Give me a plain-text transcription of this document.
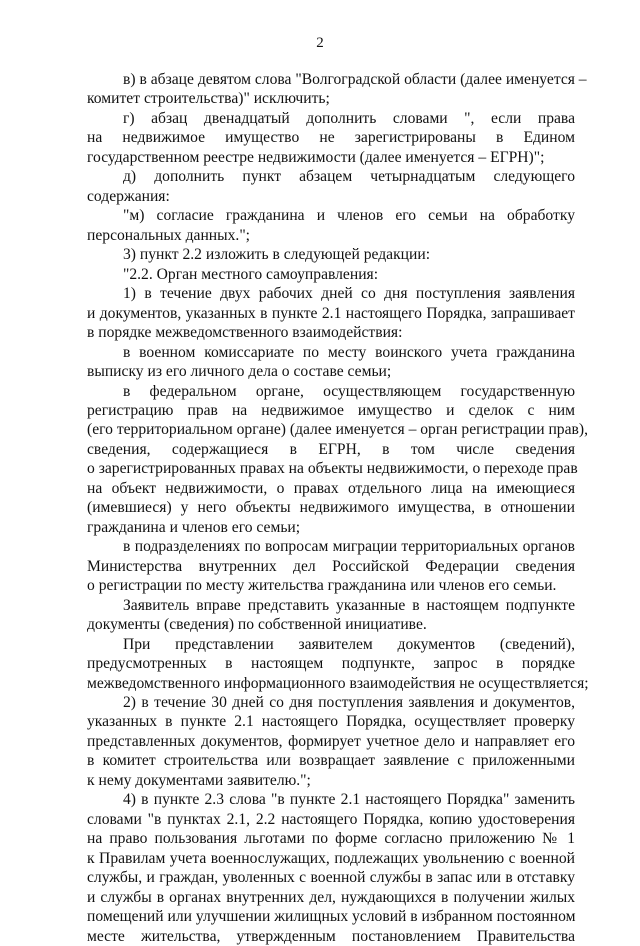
2
в) в абзаце девятом слова "Волгоградской области (далее именуется –
комитет строительства)" исключить;
г) абзац двенадцатый дополнить словами ", если права
на недвижимое имущество не зарегистрированы в Едином
государственном реестре недвижимости (далее именуется – ЕГРН)";
д) дополнить пункт абзацем четырнадцатым следующего
содержания:
"м) согласие гражданина и членов его семьи на обработку
персональных данных.";
3) пункт 2.2 изложить в следующей редакции:
"2.2. Орган местного самоуправления:
1) в течение двух рабочих дней со дня поступления заявления
и документов, указанных в пункте 2.1 настоящего Порядка, запрашивает
в порядке межведомственного взаимодействия:
в военном комиссариате по месту воинского учета гражданина
выписку из его личного дела о составе семьи;
в федеральном органе, осуществляющем государственную
регистрацию прав на недвижимое имущество и сделок с ним
(его территориальном органе) (далее именуется – орган регистрации прав),
сведения, содержащиеся в ЕГРН, в том числе сведения
о зарегистрированных правах на объекты недвижимости, о переходе прав
на объект недвижимости, о правах отдельного лица на имеющиеся
(имевшиеся) у него объекты недвижимого имущества, в отношении
гражданина и членов его семьи;
в подразделениях по вопросам миграции территориальных органов
Министерства внутренних дел Российской Федерации сведения
о регистрации по месту жительства гражданина или членов его семьи.
Заявитель вправе представить указанные в настоящем подпункте
документы (сведения) по собственной инициативе.
При представлении заявителем документов (сведений),
предусмотренных в настоящем подпункте, запрос в порядке
межведомственного информационного взаимодействия не осуществляется;
2) в течение 30 дней со дня поступления заявления и документов,
указанных в пункте 2.1 настоящего Порядка, осуществляет проверку
представленных документов, формирует учетное дело и направляет его
в комитет строительства или возвращает заявление с приложенными
к нему документами заявителю.";
4) в пункте 2.3 слова "в пункте 2.1 настоящего Порядка" заменить
словами "в пунктах 2.1, 2.2 настоящего Порядка, копию удостоверения
на право пользования льготами по форме согласно приложению № 1
к Правилам учета военнослужащих, подлежащих увольнению с военной
службы, и граждан, уволенных с военной службы в запас или в отставку
и службы в органах внутренних дел, нуждающихся в получении жилых
помещений или улучшении жилищных условий в избранном постоянном
месте жительства, утвержденным постановлением Правительства
